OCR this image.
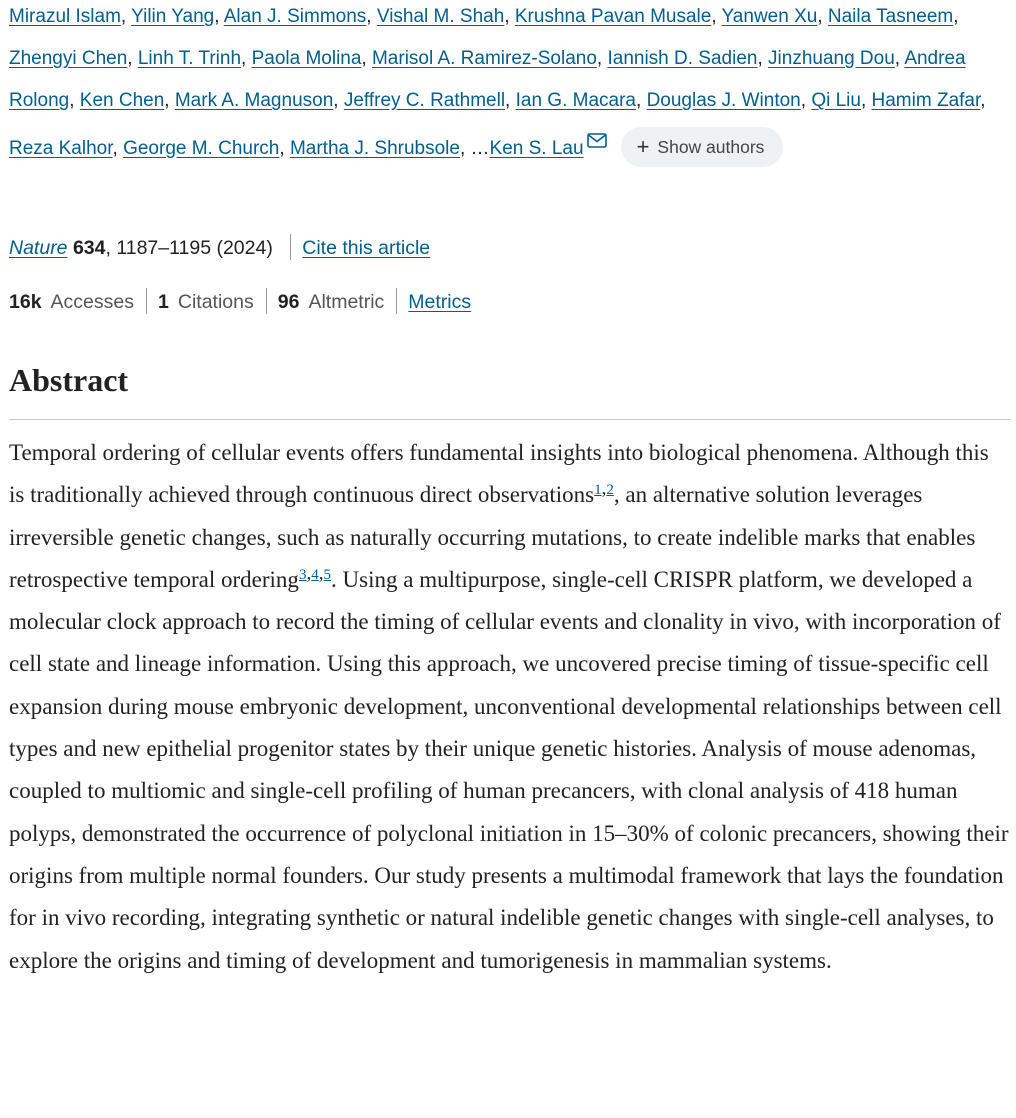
Mirazul Islam, Yilin Yang, Alan J. Simmons, Vishal M. Shah, Krushna Pavan Musale, Yanwen Xu, Naila Tasneem, Zhengyi Chen, Linh T. Trinh, Paola Molina, Marisol A. Ramirez-Solano, Iannish D. Sadien, Jinzhuang Dou, Andrea Rolong, Ken Chen, Mark A. Magnuson, Jeffrey C. Rathmell, Ian G. Macara, Douglas J. Winton, Qi Liu, Hamim Zafar, Reza Kalhor, George M. Church, Martha J. Shrubsole, …Ken S. Lau + Show authors
Nature 634, 1187–1195 (2024) Cite this article
16k Accesses 1 Citations 96 Altmetric Metrics
Abstract

Temporal ordering of cellular events offers fundamental insights into biological phenomena. Although this is traditionally achieved through continuous direct observations$^{1,2}$, an alternative solution leverages irreversible genetic changes, such as naturally occurring mutations, to create indelible marks that enables retrospective temporal ordering$^{3,4,5}$. Using a multipurpose, single-cell CRISPR platform, we developed a molecular clock approach to record the timing of cellular events and clonality in vivo, with incorporation of cell state and lineage information. Using this approach, we uncovered precise timing of tissue-specific cell expansion during mouse embryonic development, unconventional developmental relationships between cell types and new epithelial progenitor states by their unique genetic histories. Analysis of mouse adenomas, coupled to multiomic and single-cell profiling of human precancers, with clonal analysis of 418 human polyps, demonstrated the occurrence of polyclonal initiation in 15–30% of colonic precancers, showing their origins from multiple normal founders. Our study presents a multimodal framework that lays the foundation for in vivo recording, integrating synthetic or natural indelible genetic changes with single-cell analyses, to explore the origins and timing of development and tumorigenesis in mammalian systems.
